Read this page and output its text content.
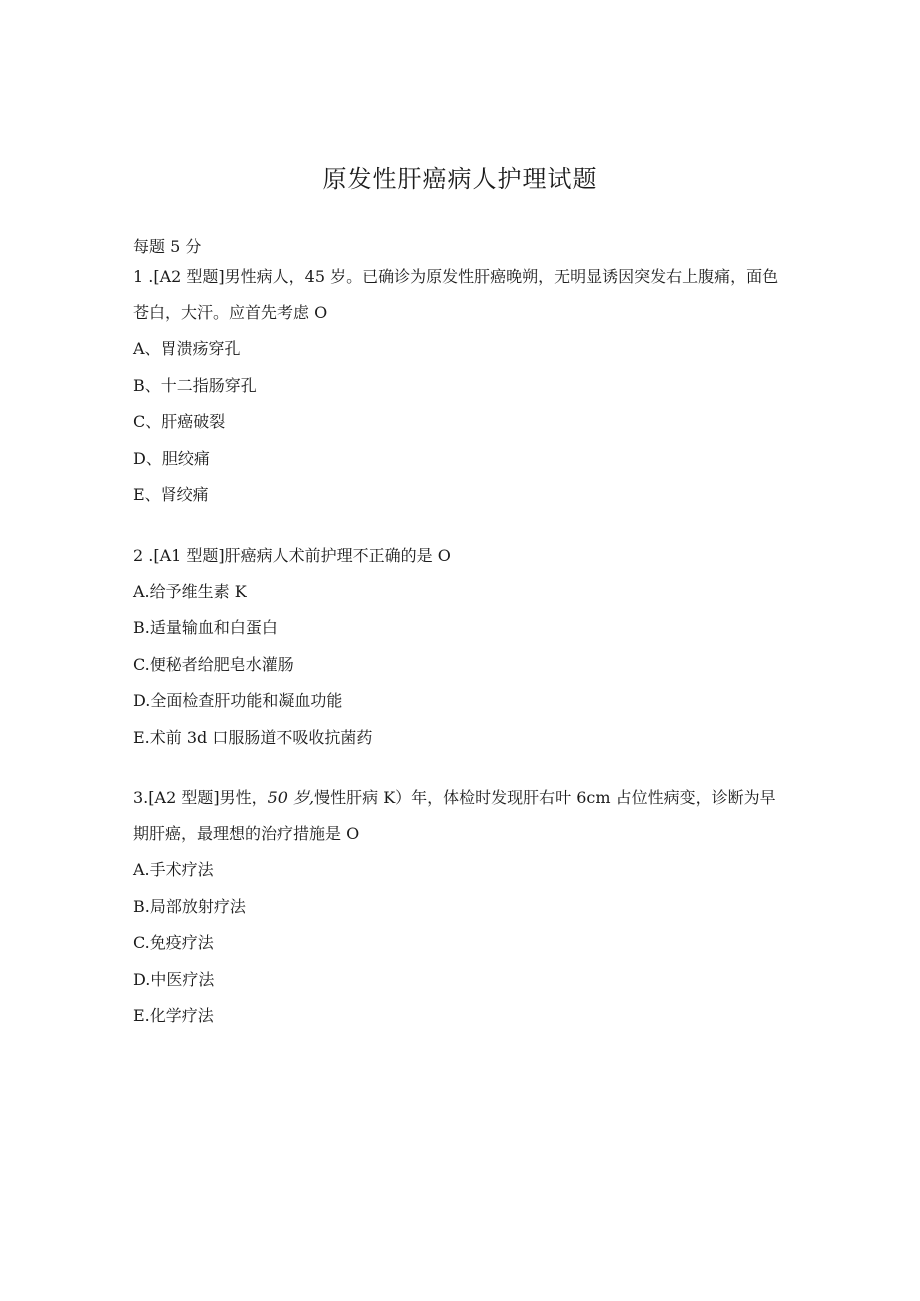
原发性肝癌病人护理试题
每题 5 分
1 .[A2 型题]男性病人，45 岁。已确诊为原发性肝癌晚朔，无明显诱因突发右上腹痛，面色苍白，大汗。应首先考虑 O
A、胃溃疡穿孔
B、十二指肠穿孔
C、肝癌破裂
D、胆绞痛
E、肾绞痛
2 .[A1 型题]肝癌病人术前护理不正确的是 O
A.给予维生素 K
B.适量输血和白蛋白
C.便秘者给肥皂水灌肠
D.全面检查肝功能和凝血功能
E.术前 3d 口服肠道不吸收抗菌药
3.[A2 型题]男性，50 岁,慢性肝病 K）年，体检时发现肝右叶 6cm 占位性病变，诊断为早期肝癌，最理想的治疗措施是 O
A.手术疗法
B.局部放射疗法
C.免疫疗法
D.中医疗法
E.化学疗法
